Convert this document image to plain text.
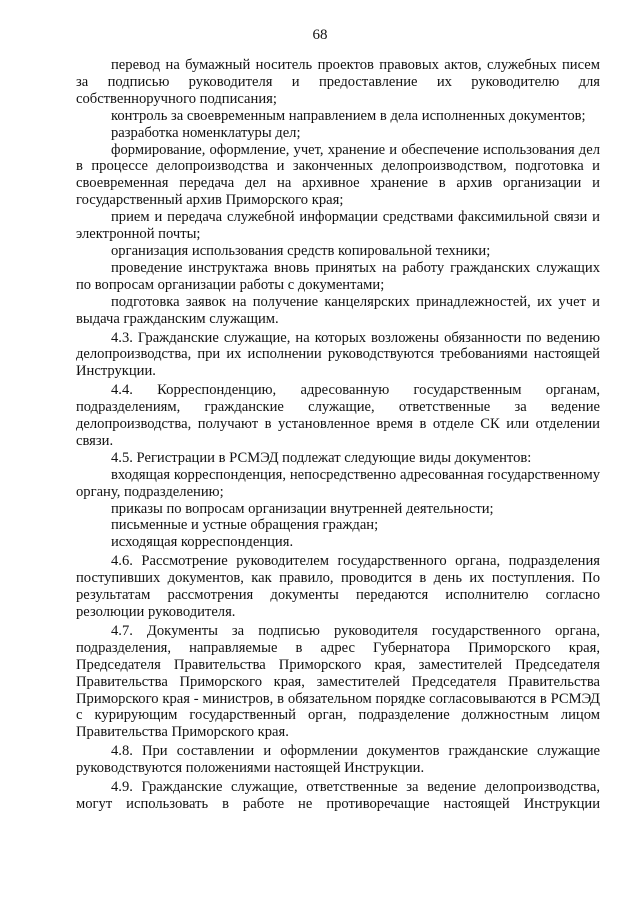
68

перевод на бумажный носитель проектов правовых актов, служебных писем за подписью руководителя и предоставление их руководителю для собственноручного подписания;

контроль за своевременным направлением в дела исполненных документов;

разработка номенклатуры дел;

формирование, оформление, учет, хранение и обеспечение использования дел в процессе делопроизводства и законченных делопроизводством, подготовка и своевременная передача дел на архивное хранение в архив организации и государственный архив Приморского края;

прием и передача служебной информации средствами факсимильной связи и электронной почты;

организация использования средств копировальной техники;

проведение инструктажа вновь принятых на работу гражданских служащих по вопросам организации работы с документами;

подготовка заявок на получение канцелярских принадлежностей, их учет и выдача гражданским служащим.

4.3. Гражданские служащие, на которых возложены обязанности по ведению делопроизводства, при их исполнении руководствуются требованиями настоящей Инструкции.

4.4. Корреспонденцию, адресованную государственным органам, подразделениям, гражданские служащие, ответственные за ведение делопроизводства, получают в установленное время в отделе СК или отделении связи.

4.5. Регистрации в РСМЭД подлежат следующие виды документов:

входящая корреспонденция, непосредственно адресованная государственному органу, подразделению;

приказы по вопросам организации внутренней деятельности;

письменные и устные обращения граждан;

исходящая корреспонденция.

4.6. Рассмотрение руководителем государственного органа, подразделения поступивших документов, как правило, проводится в день их поступления. По результатам рассмотрения документы передаются исполнителю согласно резолюции руководителя.

4.7. Документы за подписью руководителя государственного органа, подразделения, направляемые в адрес Губернатора Приморского края, Председателя Правительства Приморского края, заместителей Председателя Правительства Приморского края, заместителей Председателя Правительства Приморского края - министров, в обязательном порядке согласовываются в РСМЭД с курирующим государственный орган, подразделение должностным лицом Правительства Приморского края.

4.8. При составлении и оформлении документов гражданские служащие руководствуются положениями настоящей Инструкции.

4.9. Гражданские служащие, ответственные за ведение делопроизводства, могут использовать в работе не противоречащие настоящей Инструкции
